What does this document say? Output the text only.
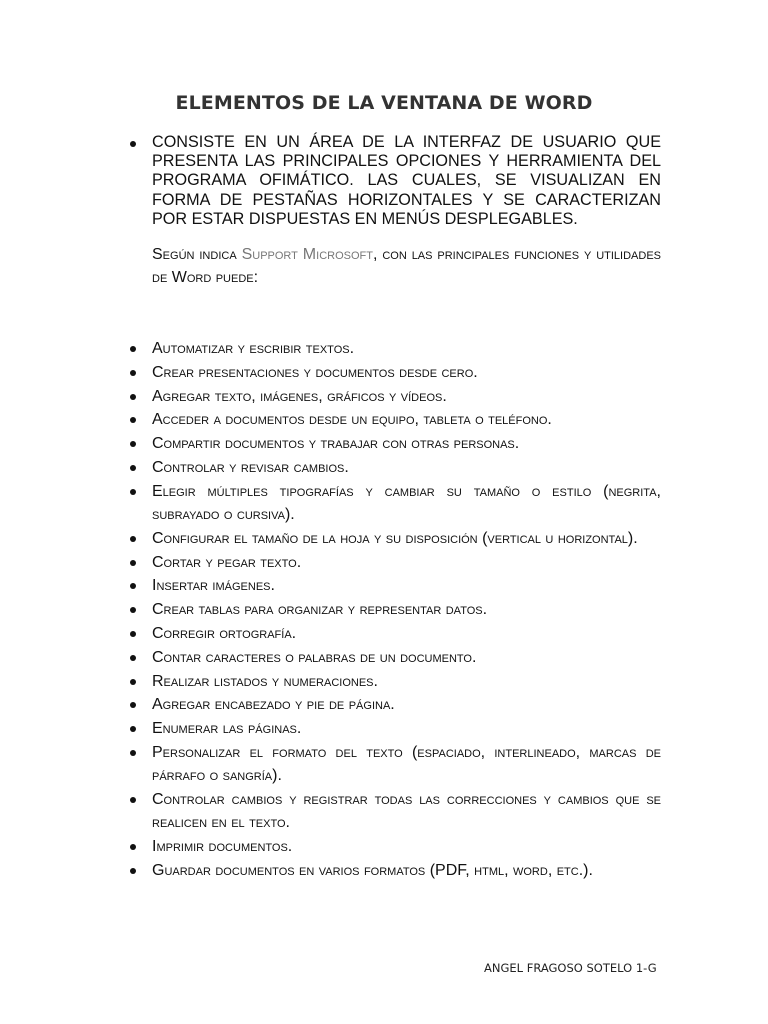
ELEMENTOS DE LA VENTANA DE WORD

CONSISTE EN UN ÁREA DE LA INTERFAZ DE USUARIO QUE PRESENTA LAS PRINCIPALES OPCIONES Y HERRAMIENTA DEL PROGRAMA OFIMÁTICO. LAS CUALES, SE VISUALIZAN EN FORMA DE PESTAÑAS HORIZONTALES Y SE CARACTERIZAN POR ESTAR DISPUESTAS EN MENÚS DESPLEGABLES.

Según indica Support Microsoft, con las principales funciones y utilidades de Word puede:

Automatizar y escribir textos.
Crear presentaciones y documentos desde cero.
Agregar texto, imágenes, gráficos y vídeos.
Acceder a documentos desde un equipo, tableta o teléfono.
Compartir documentos y trabajar con otras personas.
Controlar y revisar cambios.
Elegir múltiples tipografías y cambiar su tamaño o estilo (negrita, subrayado o cursiva).
Configurar el tamaño de la hoja y su disposición (vertical u horizontal).
Cortar y pegar texto.
Insertar imágenes.
Crear tablas para organizar y representar datos.
Corregir ortografía.
Contar caracteres o palabras de un documento.
Realizar listados y numeraciones.
Agregar encabezado y pie de página.
Enumerar las páginas.
Personalizar el formato del texto (espaciado, interlineado, marcas de párrafo o sangría).
Controlar cambios y registrar todas las correcciones y cambios que se realicen en el texto.
Imprimir documentos.
Guardar documentos en varios formatos (PDF, html, word, etc.).

ANGEL FRAGOSO SOTELO 1-G
